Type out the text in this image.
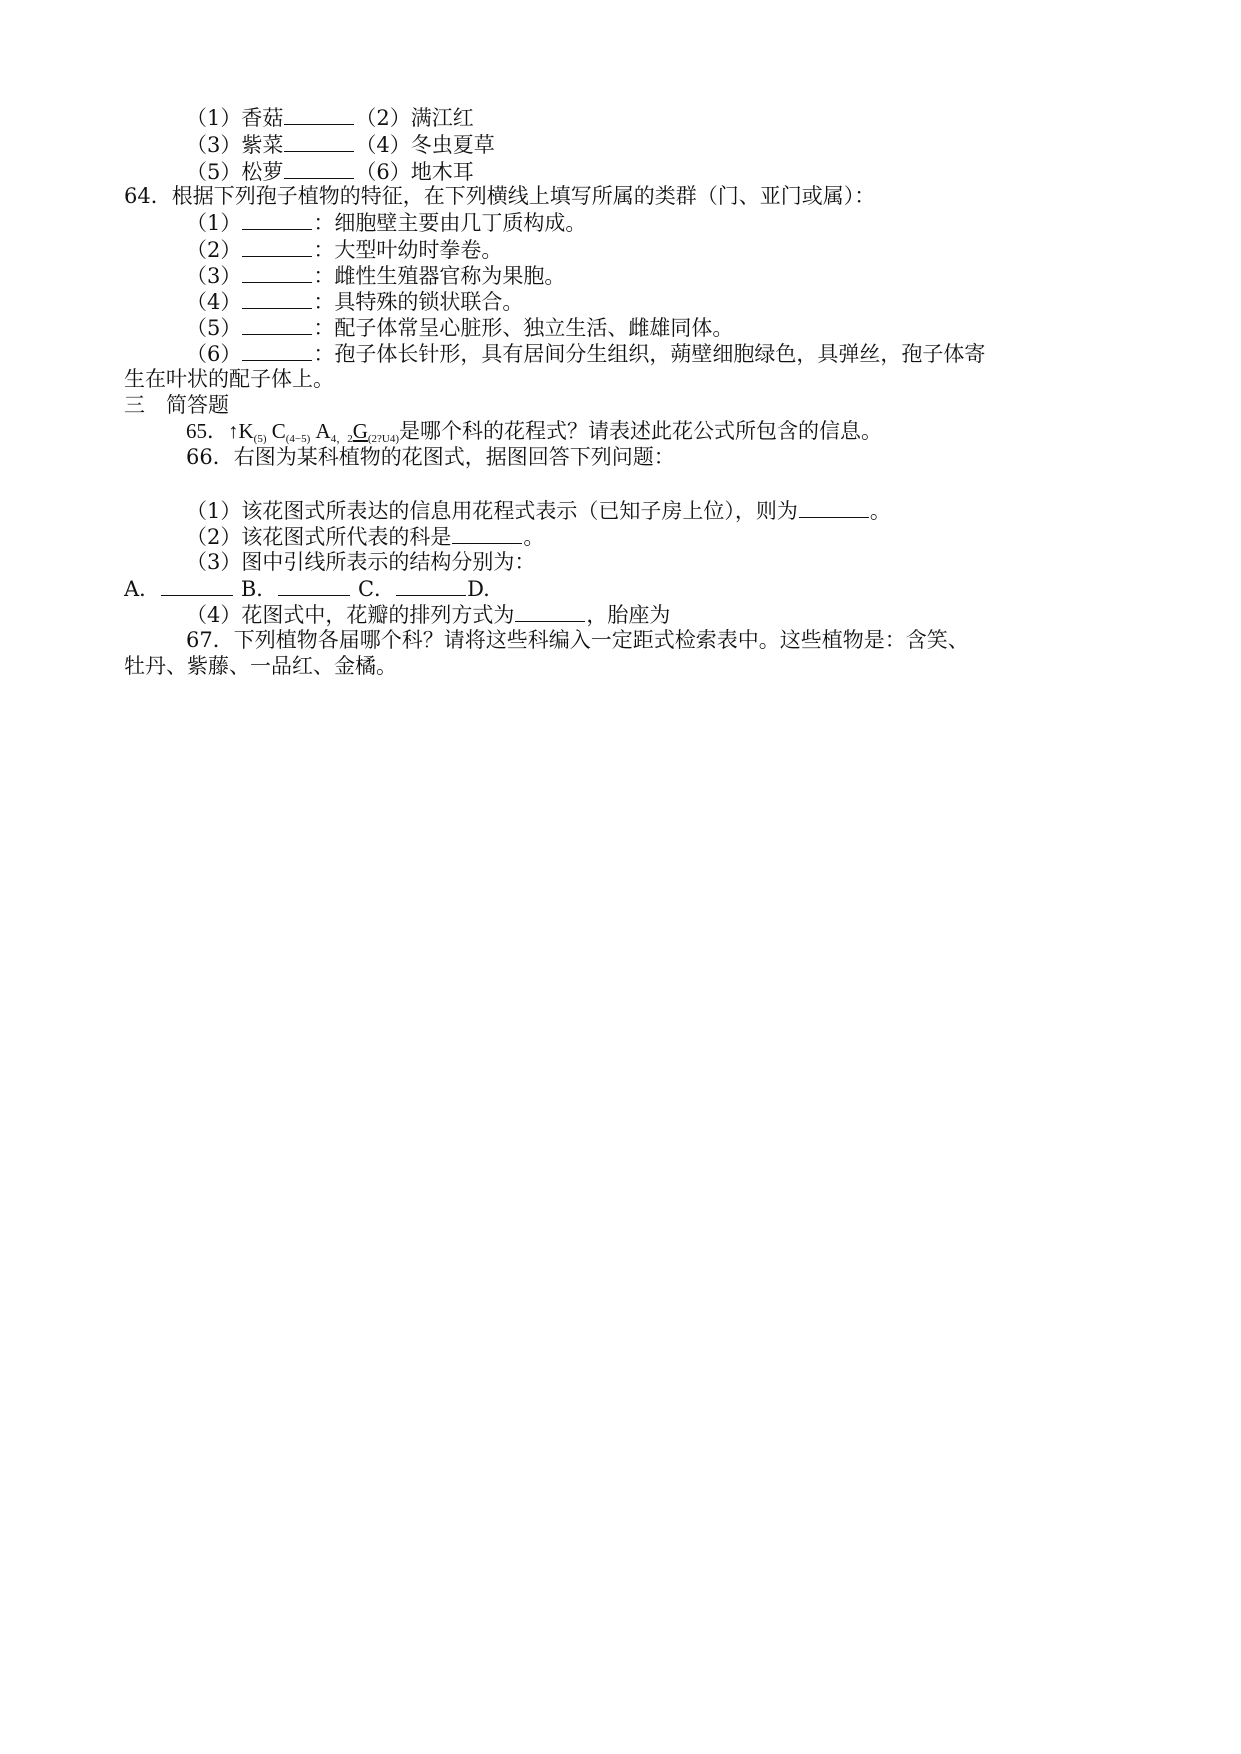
（1）香菇	（2）满江红
（3）紫菜	（4）冬虫夏草
（5）松萝	（6）地木耳
64．根据下列孢子植物的特征，在下列横线上填写所属的类群（门、亚门或属）：
（1）	：细胞壁主要由几丁质构成。
（2）	：大型叶幼时拳卷。
（3）	：雌性生殖器官称为果胞。
（4）	：具特殊的锁状联合。
（5）	：配子体常呈心脏形、独立生活、雌雄同体。
（6）	：孢子体长针形，具有居间分生组织，蒴壁细胞绿色，具弹丝，孢子体寄
生在叶状的配子体上。
三　简答题
65．$↑K_{(5)}$ $C_{(4-5)}$ $A_{4,2}G_{(2?U4)}$是哪个科的花程式？请表述此花公式所包含的信息。
66．右图为某科植物的花图式，据图回答下列问题：
（1）该花图式所表达的信息用花程式表示（已知子房上位），则为	。
（2）该花图式所代表的科是	。
（3）图中引线所表示的结构分别为：
A．	B．	C．	D.
（4）花图式中，花瓣的排列方式为	，胎座为
67．下列植物各届哪个科？请将这些科编入一定距式检索表中。这些植物是：含笑、
牡丹、紫藤、一品红、金橘。
